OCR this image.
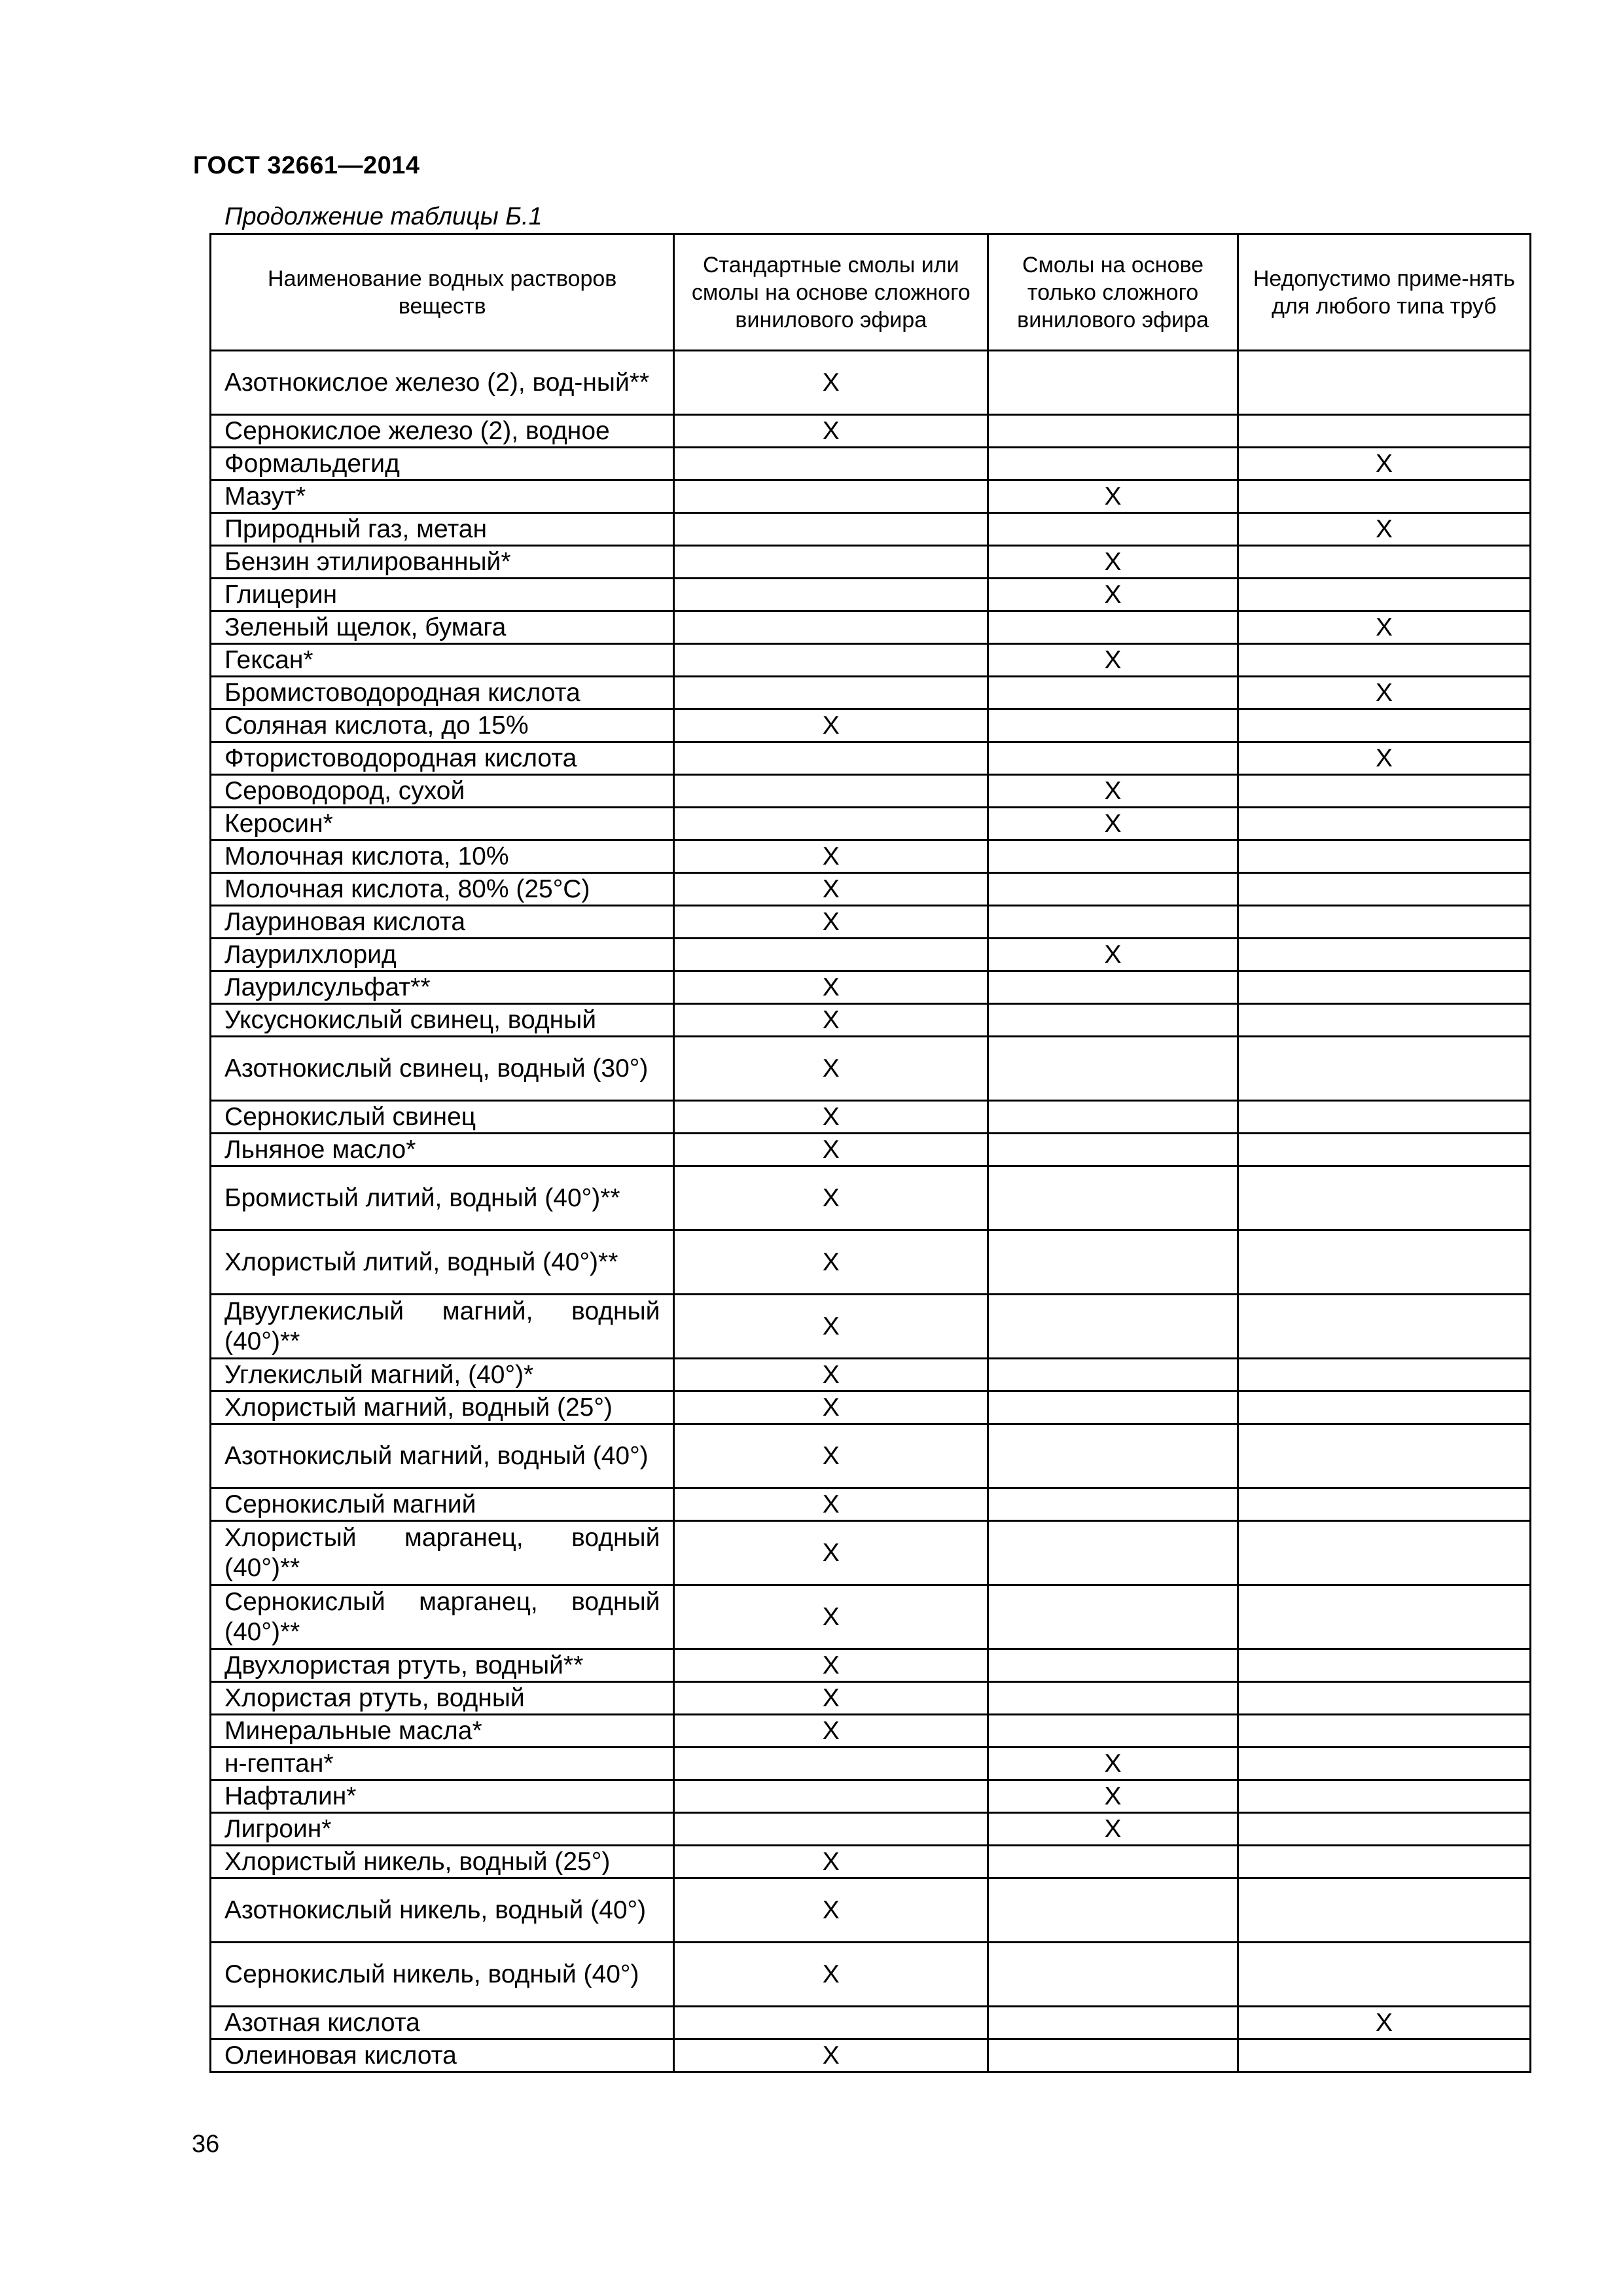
ГОСТ 32661—2014
Продолжение таблицы Б.1
Наименование водных растворов веществ	Стандартные смолы или смолы на основе сложного винилового эфира	Смолы на основе только сложного винилового эфира	Недопустимо приме-нять для любого типа труб
Азотнокислое железо (2), вод-ный**	X		
Сернокислое железо (2), водное	X		
Формальдегид			X
Мазут*		X	
Природный газ, метан			X
Бензин этилированный*		X	
Глицерин		X	
Зеленый щелок, бумага			X
Гексан*		X	
Бромистоводородная кислота			X
Соляная кислота, до 15%	X		
Фтористоводородная кислота			X
Сероводород, сухой		X	
Керосин*		X	
Молочная кислота, 10%	X		
Молочная кислота, 80% (25°С)	X		
Лауриновая кислота	X		
Лаурилхлорид		X	
Лаурилсульфат**	X		
Уксуснокислый свинец, водный	X		
Азотнокислый свинец, водный (30°)	X		
Сернокислый свинец	X		
Льняное масло*	X		
Бромистый литий, водный (40°)**	X		
Хлористый литий, водный (40°)**	X		
Двууглекислый магний, водный (40°)**	X		
Углекислый магний, (40°)*	X		
Хлористый магний, водный (25°)	X		
Азотнокислый магний, водный (40°)	X		
Сернокислый магний	X		
Хлористый марганец, водный (40°)**	X		
Сернокислый марганец, водный (40°)**	X		
Двухлористая ртуть, водный**	X		
Хлористая ртуть, водный	X		
Минеральные масла*	X		
н-гептан*		X	
Нафталин*		X	
Лигроин*		X	
Хлористый никель, водный (25°)	X		
Азотнокислый никель, водный (40°)	X		
Сернокислый никель, водный (40°)	X		
Азотная кислота			X
Олеиновая кислота	X		
36
